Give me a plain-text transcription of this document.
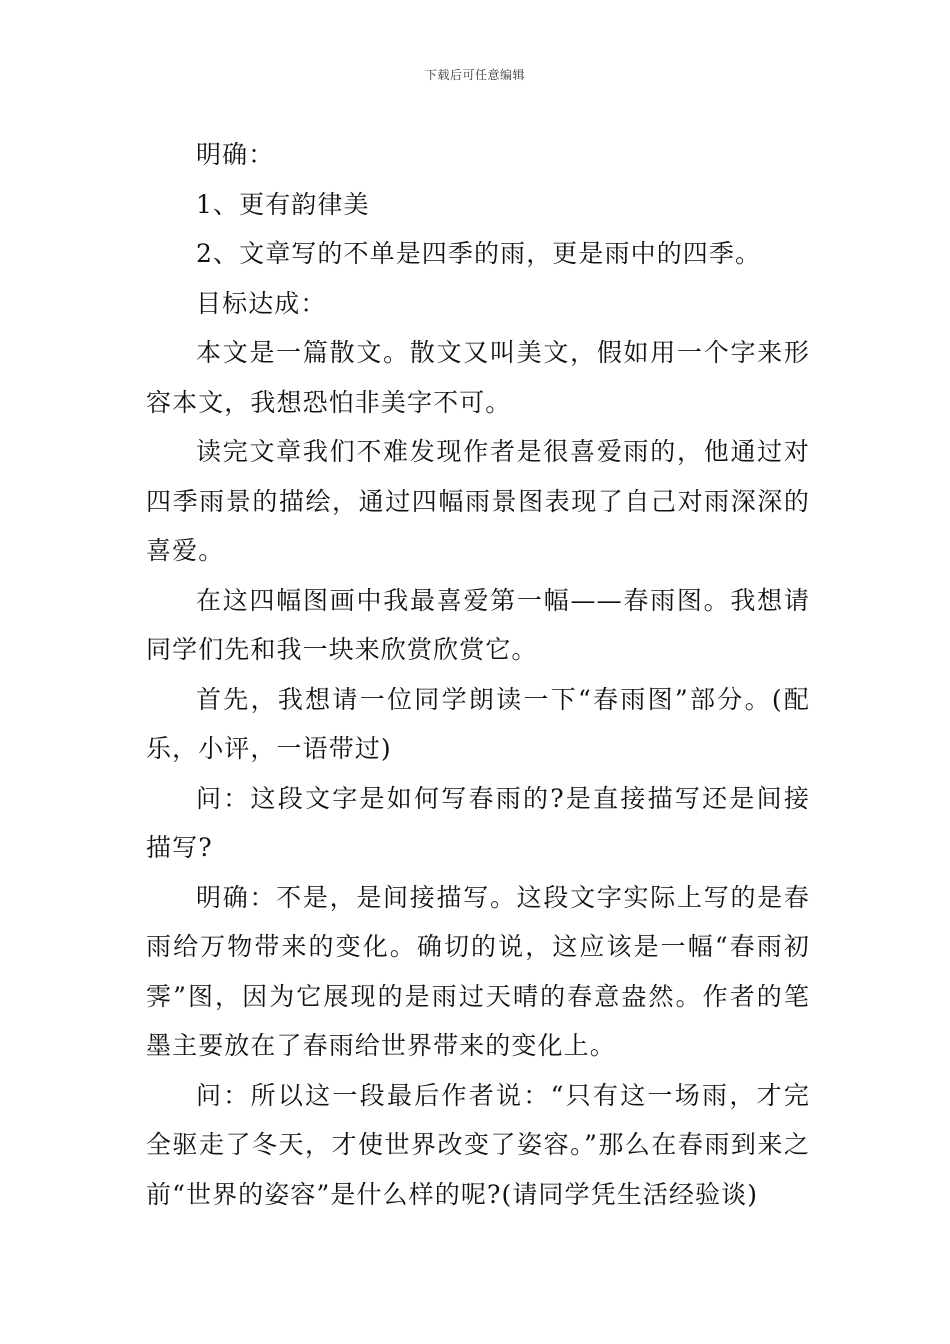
下载后可任意编辑

明确：

1、更有韵律美

2、文章写的不单是四季的雨，更是雨中的四季。

目标达成：

本文是一篇散文。散文又叫美文，假如用一个字来形容本文，我想恐怕非美字不可。

读完文章我们不难发现作者是很喜爱雨的，他通过对四季雨景的描绘，通过四幅雨景图表现了自己对雨深深的喜爱。

在这四幅图画中我最喜爱第一幅——春雨图。我想请同学们先和我一块来欣赏欣赏它。

首先，我想请一位同学朗读一下“春雨图”部分。(配乐，小评，一语带过)

问：这段文字是如何写春雨的?是直接描写还是间接描写?

明确：不是，是间接描写。这段文字实际上写的是春雨给万物带来的变化。确切的说，这应该是一幅“春雨初霁”图，因为它展现的是雨过天晴的春意盎然。作者的笔墨主要放在了春雨给世界带来的变化上。

问：所以这一段最后作者说：“只有这一场雨，才完全驱走了冬天，才使世界改变了姿容。”那么在春雨到来之前“世界的姿容”是什么样的呢?(请同学凭生活经验谈)
